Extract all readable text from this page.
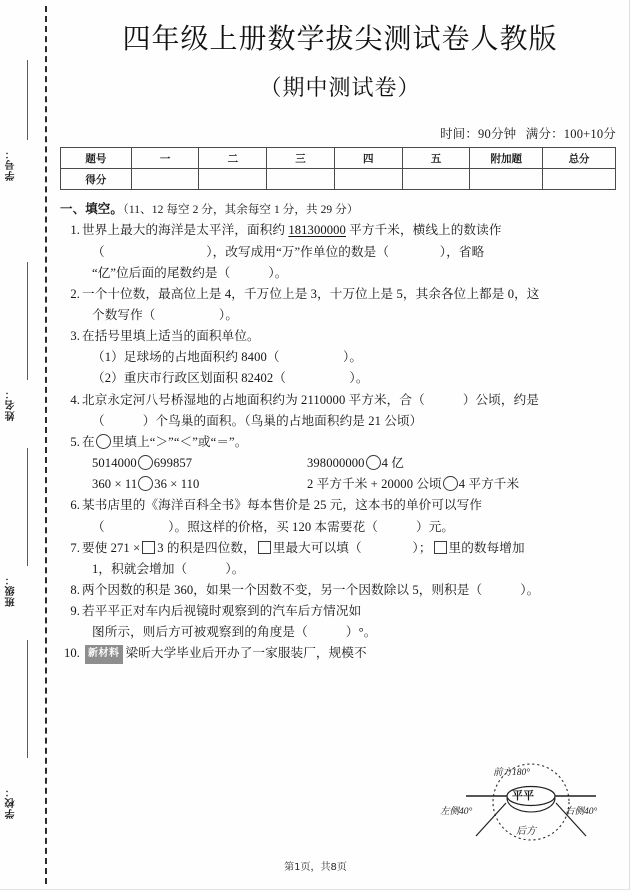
学号：
姓名：
班级：
学校：
四年级上册数学拔尖测试卷人教版
（期中测试卷）
时间：90分钟 满分：100+10分
题号	一	二	三	四	五	附加题	总分
得分							
一、填空。（11、12 每空 2 分，其余每空 1 分，共 29 分）
1. 世界上最大的海洋是太平洋，面积约 181300000 平方千米，横线上的数读作
（　　　　　　　　），改写成用“万”作单位的数是（　　　　），省略
“亿”位后面的尾数约是（　　　）。
2. 一个十位数，最高位上是 4，千万位上是 3，十万位上是 5，其余各位上都是 0，这
个数写作（　　　　　）。
3. 在括号里填上适当的面积单位。
（1）足球场的占地面积约 8400（　　　　　）。
（2）重庆市行政区划面积 82402（　　　　　）。
4. 北京永定河八号桥湿地的占地面积约为 2110000 平方米，合（　　　）公顷，约是
（　　　）个鸟巢的面积。（鸟巢的占地面积约是 21 公顷）
5. 在 里填上“＞”“＜”或“＝”。
5014000 699857	398000000 4 亿
360 × 11 36 × 110	2 平方千米 + 20000 公顷 4 平方千米
6. 某书店里的《海洋百科全书》每本售价是 25 元，这本书的单价可以写作
（　　　　　）。照这样的价格，买 120 本需要花（　　　）元。
7. 要使 271 × 3 的积是四位数， 里最大可以填（　　　　）； 里的数每增加
1，积就会增加（　　　）。
8. 两个因数的积是 360，如果一个因数不变，另一个因数除以 5，则积是（　　　）。
9. 若平平正对车内后视镜时观察到的汽车后方情况如
图所示，则后方可被观察到的角度是（　　　）°。
10. 新材料 梁昕大学毕业后开办了一家服装厂，规模不
前方180°
平平
左侧40°	右侧40°
后方
第1页，共8页
